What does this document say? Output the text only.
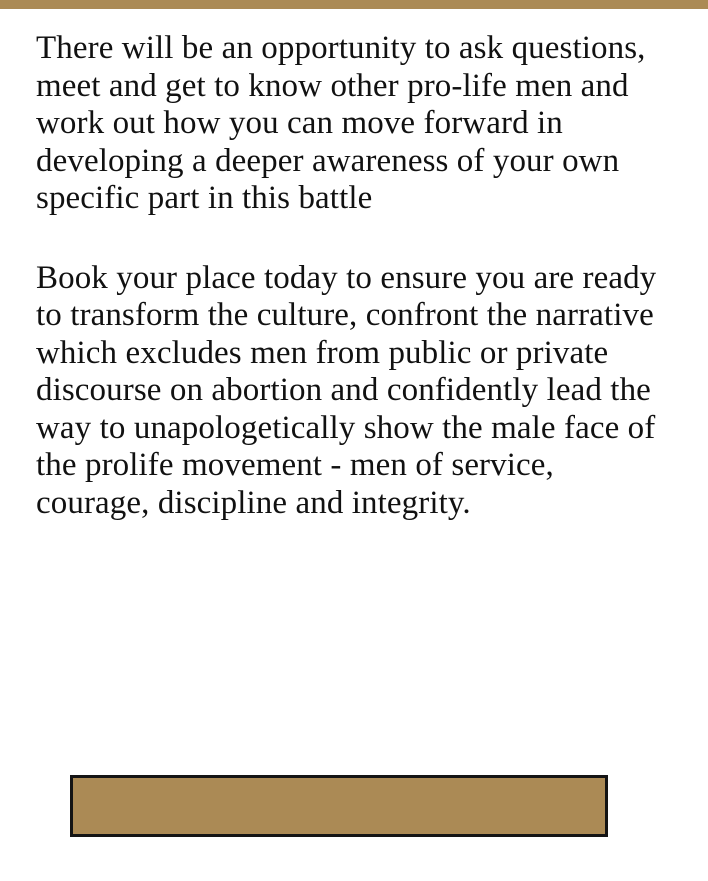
There will be an opportunity to ask questions, meet and get to know other pro-life men and work out how you can move forward in developing a deeper awareness of your own specific part in this battle

Book your place today to ensure you are ready to transform the culture, confront the narrative which excludes men from public or private discourse on abortion and confidently lead the way to unapologetically show the male face of the prolife movement - men of service, courage, discipline and integrity.
